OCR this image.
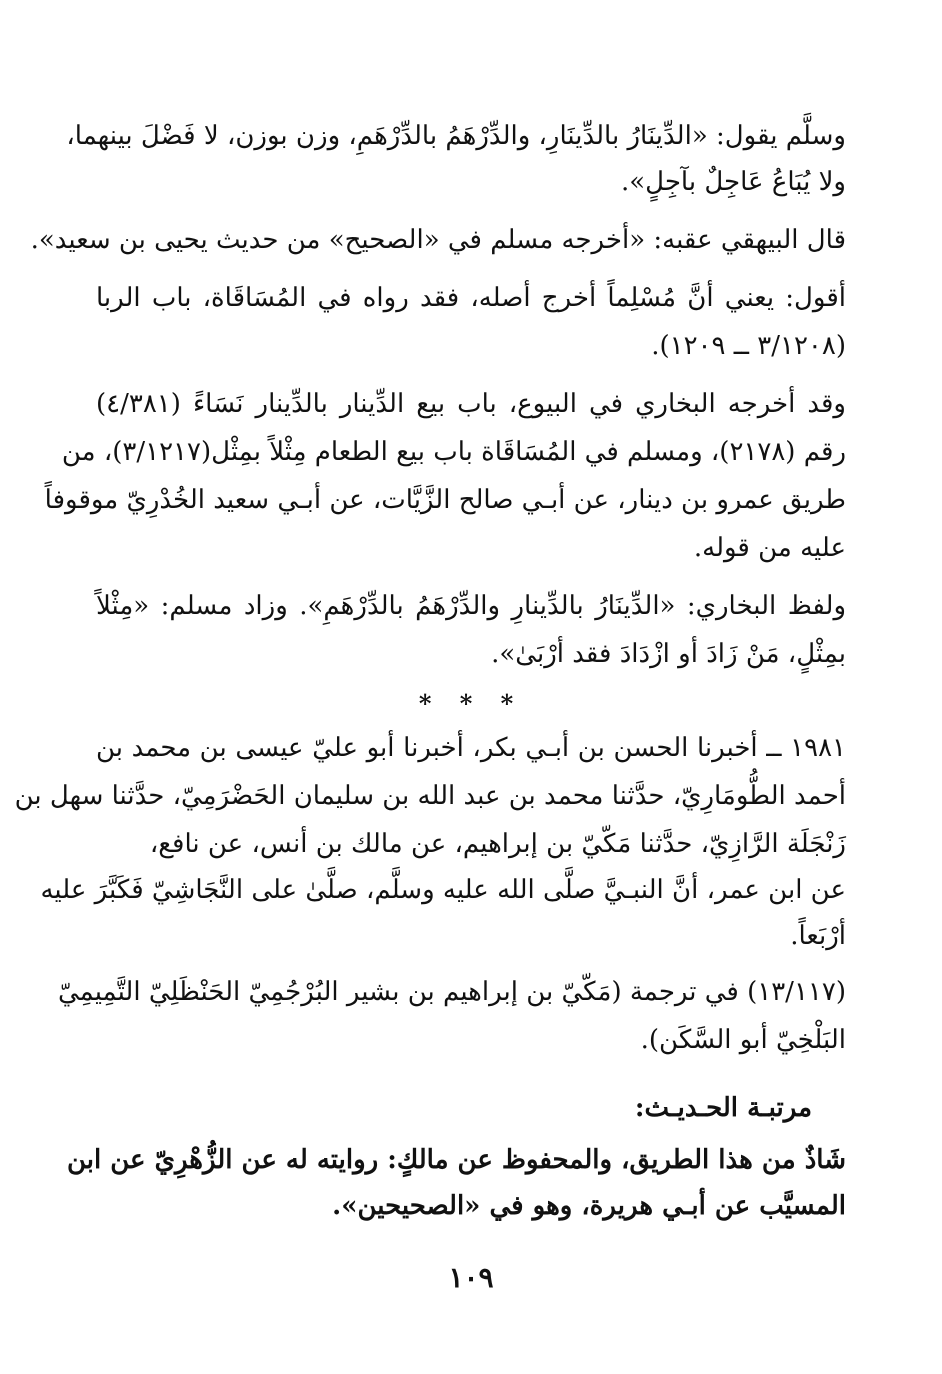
وسلَّم يقول: «الدِّينَارُ بالدِّينَارِ، والدِّرْهَمُ بالدِّرْهَمِ، وزن بوزن، لا فَضْلَ بينهما،
ولا يُبَاعُ عَاجِلٌ بآجِلٍ».
قال البيهقي عقبه: «أخرجه مسلم في «الصحيح» من حديث يحيى بن سعيد».
أقول: يعني أنَّ مُسْلِماً أخرج أصله، فقد رواه في المُسَاقَاة، باب الربا
(٣/١٢٠٨ ــ ١٢٠٩).
وقد أخرجه البخاري في البيوع، باب بيع الدِّينار بالدِّينار نَسَاءً (٤/٣٨١)
رقم (٢١٧٨)، ومسلم في المُسَاقَاة باب بيع الطعام مِثْلاً بمِثْل(٣/١٢١٧)، من
طريق عمرو بن دينار، عن أبـي صالح الزَّيَّات، عن أبـي سعيد الخُدْرِيّ موقوفاً
عليه من قوله.
ولفظ البخاري: «الدِّينَارُ بالدِّينارِ والدِّرْهَمُ بالدِّرْهَمِ». وزاد مسلم: «مِثْلاً
بمِثْلٍ، مَنْ زَادَ أو ازْدَادَ فقد أرْبَىٰ».
* * *
١٩٨١ ــ أخبرنا الحسن بن أبـي بكر، أخبرنا أبو عليّ عيسى بن محمد بن
أحمد الطُّومَارِيّ، حدَّثنا محمد بن عبد الله بن سليمان الحَضْرَمِيّ، حدَّثنا سهل بن
زَنْجَلَة الرَّازِيّ، حدَّثنا مَكّيّ بن إبراهيم، عن مالك بن أنس، عن نافع،
عن ابن عمر، أنَّ النبـيَّ صلَّى الله عليه وسلَّم، صلَّىٰ على النَّجَاشِيّ فَكَبَّرَ عليه
أرْبَعاً.
(١٣/١١٧) في ترجمة (مَكّيّ بن إبراهيم بن بشير البُرْجُمِيّ الحَنْظَلِيّ التَّمِيمِيّ
البَلْخِيّ أبو السَّكَن).
مرتبـة الحـديـث:
شَاذٌ من هذا الطريق، والمحفوظ عن مالكٍ: روايته له عن الزُّهْرِيّ عن ابن
المسيَّب عن أبـي هريرة، وهو في «الصحيحين».
١٠٩
